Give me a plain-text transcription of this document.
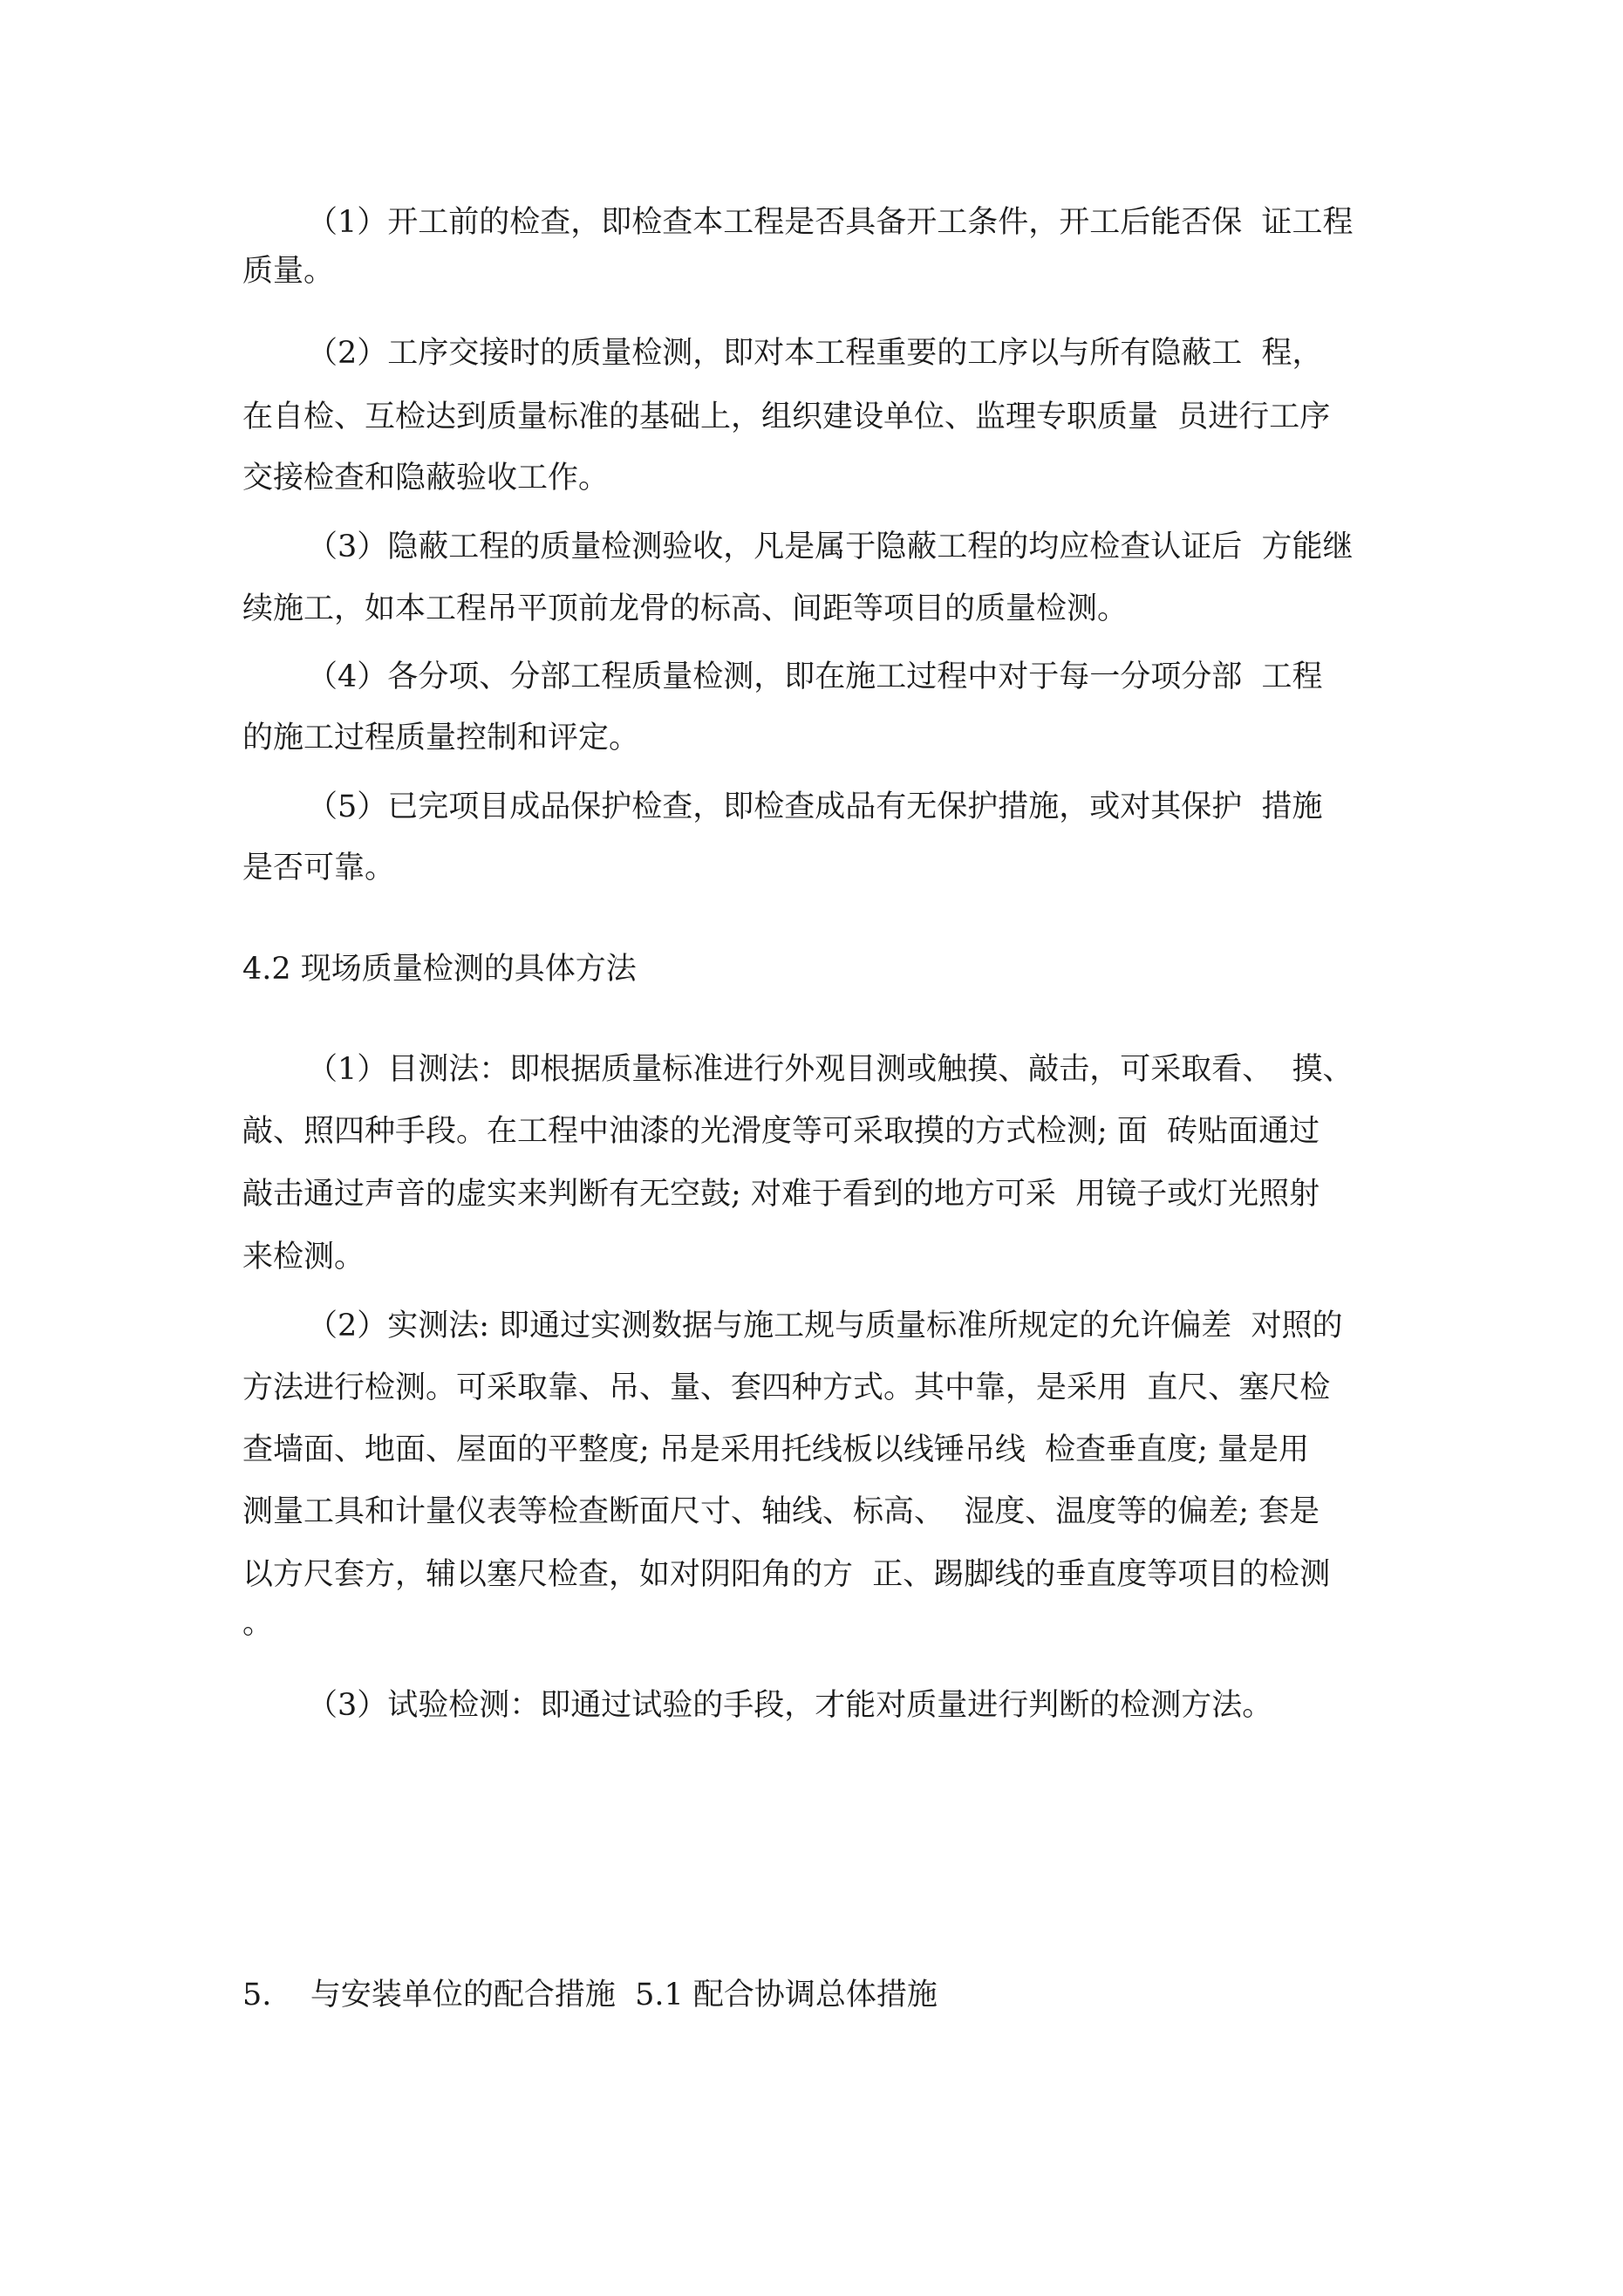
（1）开工前的检查，即检查本工程是否具备开工条件，开工后能否保  证工程
质量。
（2）工序交接时的质量检测，即对本工程重要的工序以与所有隐蔽工  程，
在自检、互检达到质量标准的基础上，组织建设单位、监理专职质量  员进行工序
交接检查和隐蔽验收工作。
（3）隐蔽工程的质量检测验收，凡是属于隐蔽工程的均应检查认证后  方能继
续施工，如本工程吊平顶前龙骨的标高、间距等项目的质量检测。
（4）各分项、分部工程质量检测，即在施工过程中对于每一分项分部  工程
的施工过程质量控制和评定。
（5）已完项目成品保护检查，即检查成品有无保护措施，或对其保护  措施
是否可靠。
4.2 现场质量检测的具体方法
（1）目测法：即根据质量标准进行外观目测或触摸、敲击，可采取看、  摸、
敲、照四种手段。在工程中油漆的光滑度等可采取摸的方式检测; 面  砖贴面通过
敲击通过声音的虚实来判断有无空鼓; 对难于看到的地方可采  用镜子或灯光照射
来检测。
（2）实测法: 即通过实测数据与施工规与质量标准所规定的允许偏差  对照的
方法进行检测。可采取靠、吊、量、套四种方式。其中靠，是采用  直尺、塞尺检
查墙面、地面、屋面的平整度; 吊是采用托线板以线锤吊线  检查垂直度; 量是用
测量工具和计量仪表等检查断面尺寸、轴线、标高、  湿度、温度等的偏差; 套是
以方尺套方，辅以塞尺检查，如对阴阳角的方  正、踢脚线的垂直度等项目的检测
。
（3）试验检测：即通过试验的手段，才能对质量进行判断的检测方法。
5.    与安装单位的配合措施  5.1 配合协调总体措施
